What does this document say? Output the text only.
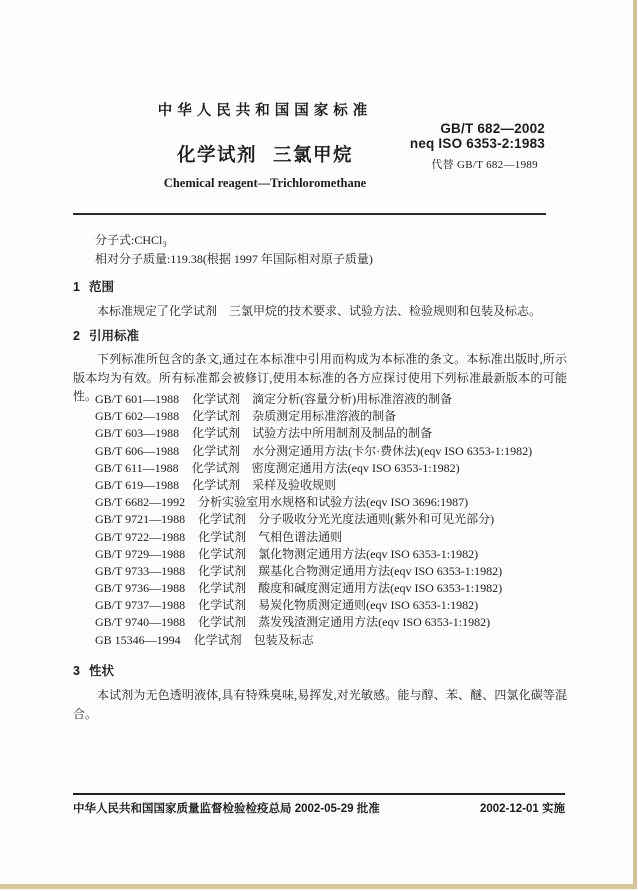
中华人民共和国国家标准
GB/T 682—2002
neq ISO 6353-2:1983
代替 GB/T 682—1989
化学试剂 三氯甲烷
Chemical reagent—Trichloromethane
分子式:CHCl₃
相对分子质量:119.38(根据 1997 年国际相对原子质量)
1 范围
本标准规定了化学试剂　三氯甲烷的技术要求、试验方法、检验规则和包装及标志。
2 引用标准
下列标准所包含的条文,通过在本标准中引用而构成为本标准的条文。本标准出版时,所示版本均为有效。所有标准都会被修订,使用本标准的各方应探讨使用下列标准最新版本的可能性。
GB/T 601—1988 化学试剂　滴定分析(容量分析)用标准溶液的制备
GB/T 602—1988 化学试剂　杂质测定用标准溶液的制备
GB/T 603—1988 化学试剂　试验方法中所用制剂及制品的制备
GB/T 606—1988 化学试剂　水分测定通用方法(卡尔·费休法)(eqv ISO 6353-1:1982)
GB/T 611—1988 化学试剂　密度测定通用方法(eqv ISO 6353-1:1982)
GB/T 619—1988 化学试剂　采样及验收规则
GB/T 6682—1992 分析实验室用水规格和试验方法(eqv ISO 3696:1987)
GB/T 9721—1988 化学试剂　分子吸收分光光度法通则(紫外和可见光部分)
GB/T 9722—1988 化学试剂　气相色谱法通则
GB/T 9729—1988 化学试剂　氯化物测定通用方法(eqv ISO 6353-1:1982)
GB/T 9733—1988 化学试剂　羰基化合物测定通用方法(eqv ISO 6353-1:1982)
GB/T 9736—1988 化学试剂　酸度和碱度测定通用方法(eqv ISO 6353-1:1982)
GB/T 9737—1988 化学试剂　易炭化物质测定通则(eqv ISO 6353-1:1982)
GB/T 9740—1988 化学试剂　蒸发残渣测定通用方法(eqv ISO 6353-1:1982)
GB 15346—1994 化学试剂　包装及标志
3 性状
本试剂为无色透明液体,具有特殊臭味,易挥发,对光敏感。能与醇、苯、醚、四氯化碳等混合。
中华人民共和国国家质量监督检验检疫总局 2002-05-29 批准	2002-12-01 实施
